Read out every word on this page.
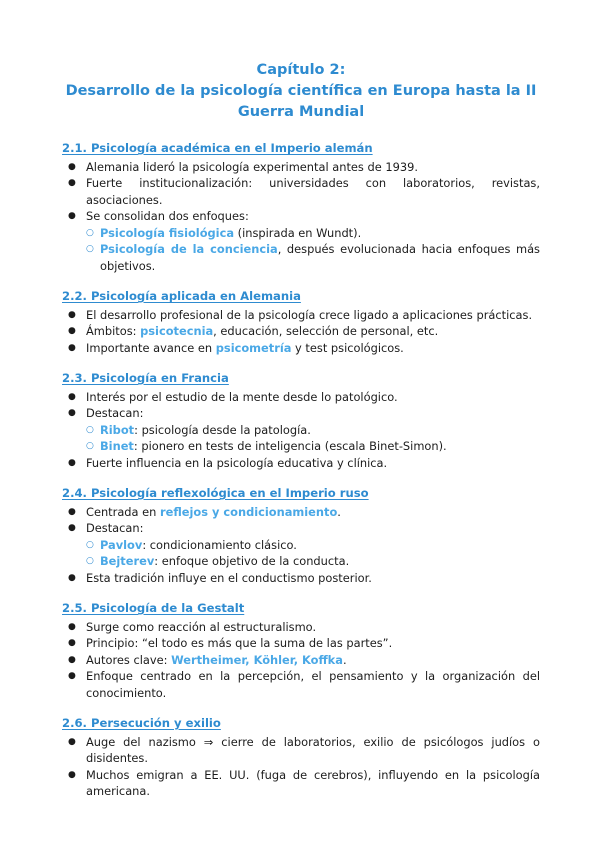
Capítulo 2:
Desarrollo de la psicología científica en Europa hasta la II
Guerra Mundial
2.1. Psicología académica en el Imperio alemán
● Alemania lideró la psicología experimental antes de 1939.
● Fuerte institucionalización: universidades con laboratorios, revistas, asociaciones.
● Se consolidan dos enfoques:
○ Psicología fisiológica (inspirada en Wundt).
○ Psicología de la conciencia, después evolucionada hacia enfoques más objetivos.
2.2. Psicología aplicada en Alemania
● El desarrollo profesional de la psicología crece ligado a aplicaciones prácticas.
● Ámbitos: psicotecnia, educación, selección de personal, etc.
● Importante avance en psicometría y test psicológicos.
2.3. Psicología en Francia
● Interés por el estudio de la mente desde lo patológico.
● Destacan:
○ Ribot: psicología desde la patología.
○ Binet: pionero en tests de inteligencia (escala Binet-Simon).
● Fuerte influencia en la psicología educativa y clínica.
2.4. Psicología reflexológica en el Imperio ruso
● Centrada en reflejos y condicionamiento.
● Destacan:
○ Pavlov: condicionamiento clásico.
○ Bejterev: enfoque objetivo de la conducta.
● Esta tradición influye en el conductismo posterior.
2.5. Psicología de la Gestalt
● Surge como reacción al estructuralismo.
● Principio: “el todo es más que la suma de las partes”.
● Autores clave: Wertheimer, Köhler, Koffka.
● Enfoque centrado en la percepción, el pensamiento y la organización del conocimiento.
2.6. Persecución y exilio
● Auge del nazismo ⇒ cierre de laboratorios, exilio de psicólogos judíos o disidentes.
● Muchos emigran a EE. UU. (fuga de cerebros), influyendo en la psicología americana.
